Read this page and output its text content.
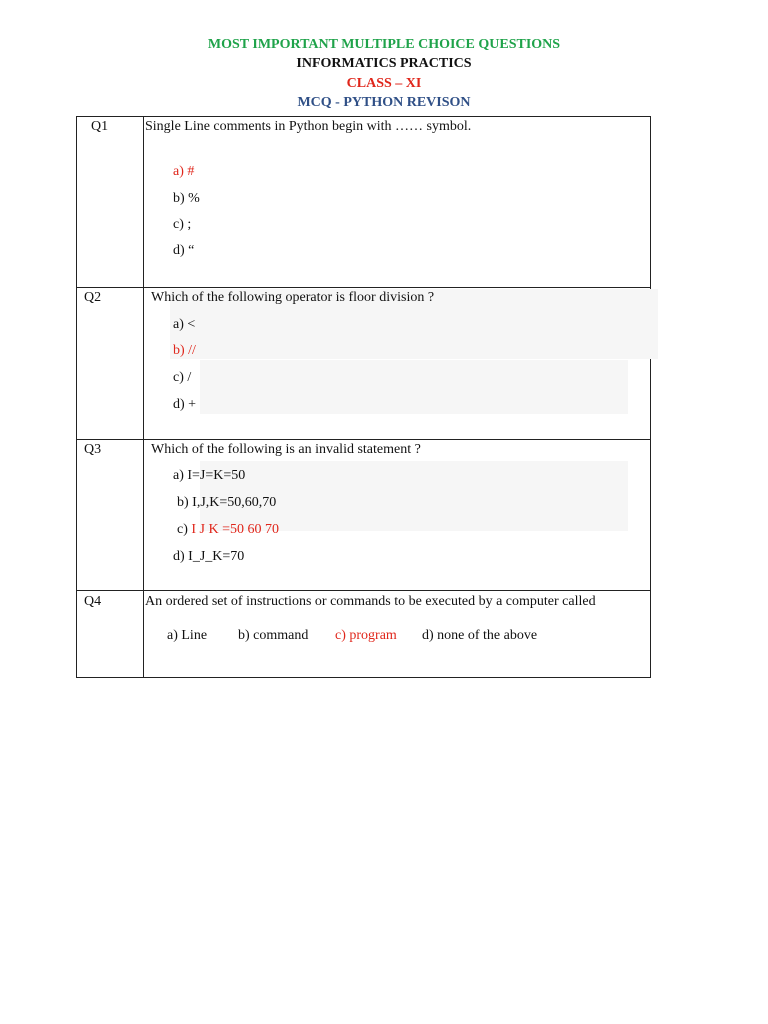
MOST IMPORTANT MULTIPLE CHOICE QUESTIONS
INFORMATICS PRACTICS
CLASS – XI
MCQ - PYTHON REVISON
Q1	Single Line comments in Python begin with …… symbol.
a) #
b) %
c) ;
d) “
Q2	Which of the following operator is floor division ?
a) <
b) //
c) /
d) +
Q3	Which of the following is an invalid statement ?
a) I=J=K=50
b) I,J,K=50,60,70
c) I J K =50 60 70
d) I_J_K=70
Q4	An ordered set of instructions or commands to be executed by a computer called
a) Line b) command c) program d) none of the above
